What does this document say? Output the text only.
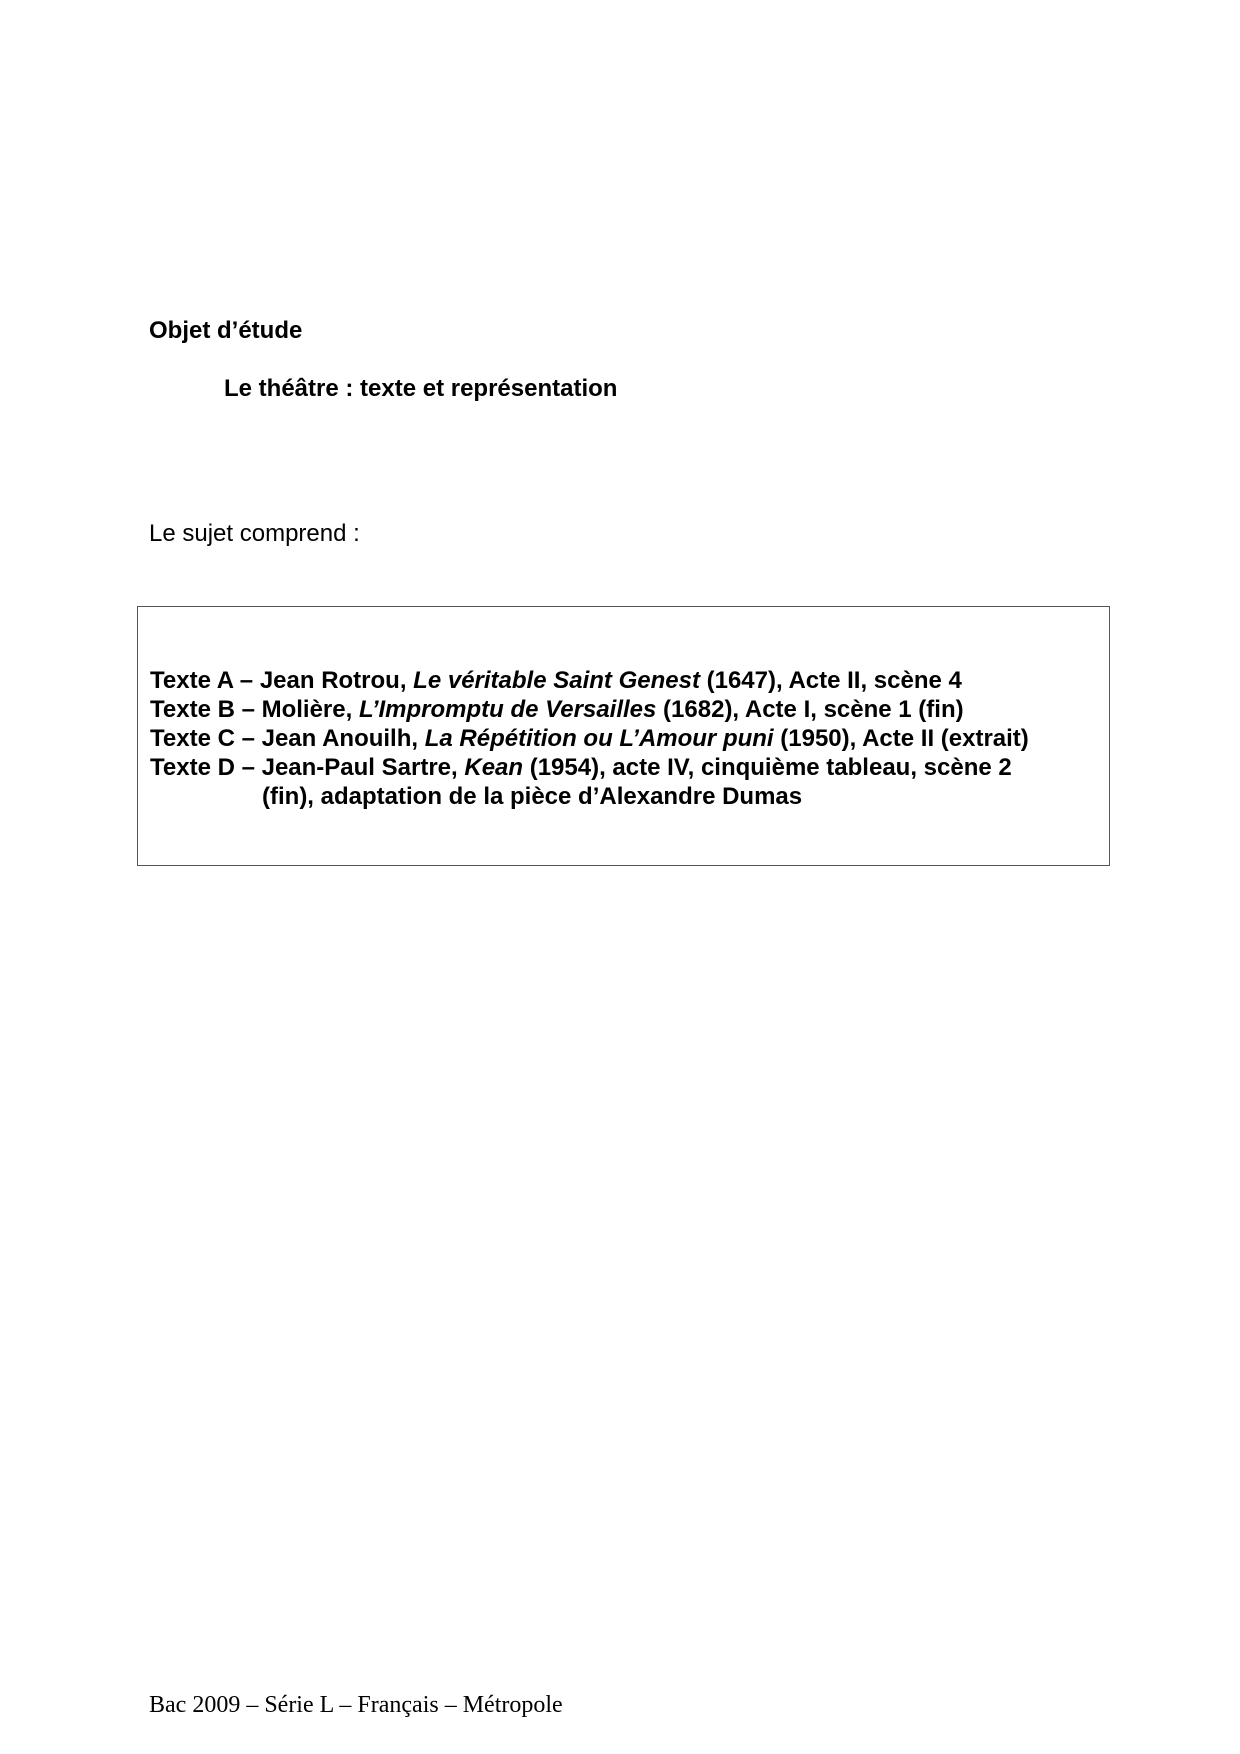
Objet d’étude
Le théâtre : texte et représentation
Le sujet comprend :
Texte A – Jean Rotrou, Le véritable Saint Genest (1647), Acte II, scène 4
Texte B – Molière, L’Impromptu de Versailles (1682), Acte I, scène 1 (fin)
Texte C – Jean Anouilh, La Répétition ou L’Amour puni (1950), Acte II (extrait)
Texte D – Jean-Paul Sartre, Kean (1954), acte IV, cinquième tableau, scène 2
(fin), adaptation de la pièce d’Alexandre Dumas
Bac 2009 – Série L – Français – Métropole
